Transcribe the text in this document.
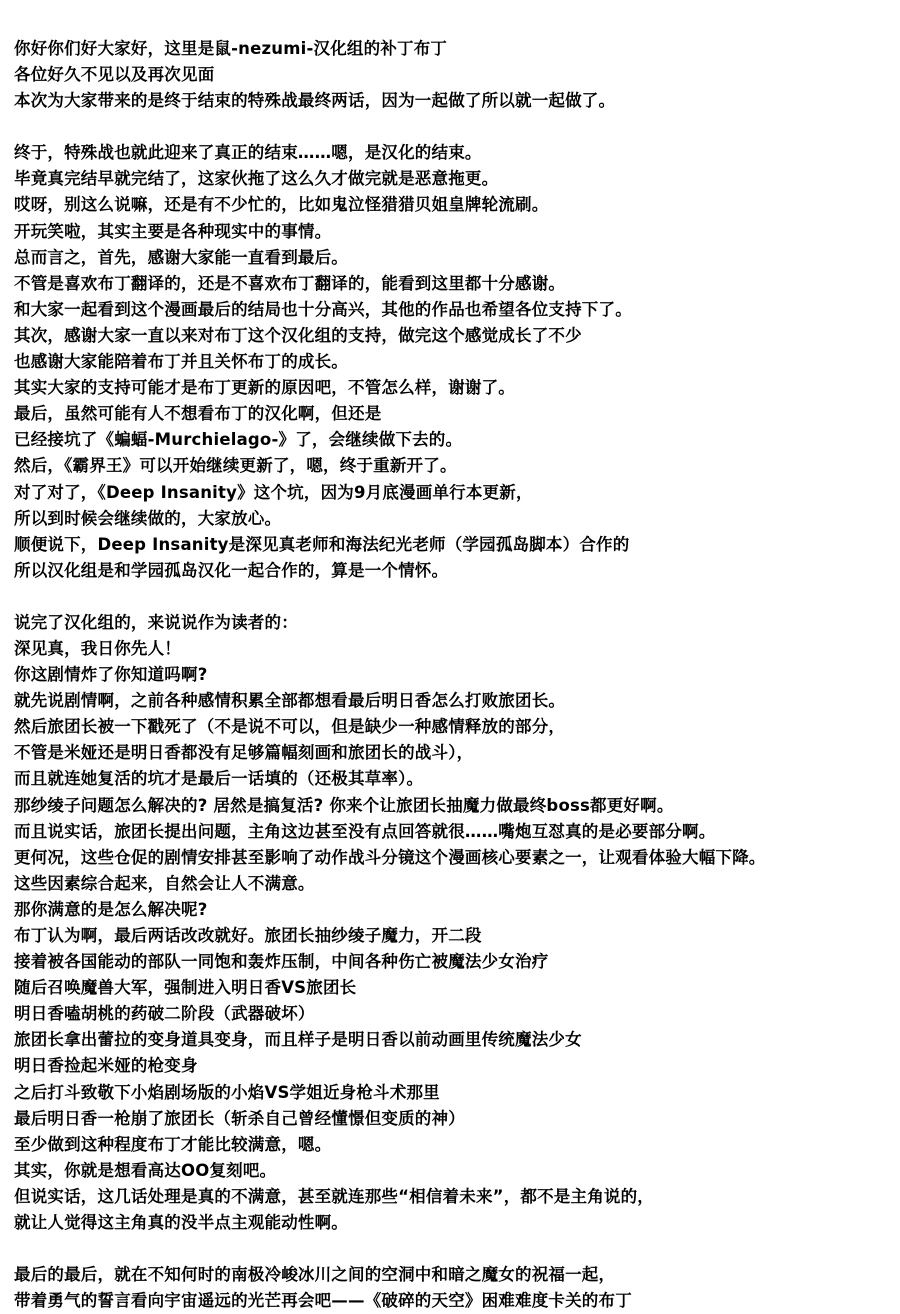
你好你们好大家好，这里是鼠-nezumi-汉化组的补丁布丁
各位好久不见以及再次见面
本次为大家带来的是终于结束的特殊战最终两话，因为一起做了所以就一起做了。
终于，特殊战也就此迎来了真正的结束……嗯，是汉化的结束。
毕竟真完结早就完结了，这家伙拖了这么久才做完就是恶意拖更。
哎呀，别这么说嘛，还是有不少忙的，比如鬼泣怪猎猎贝姐皇牌轮流刷。
开玩笑啦，其实主要是各种现实中的事情。
总而言之，首先，感谢大家能一直看到最后。
不管是喜欢布丁翻译的，还是不喜欢布丁翻译的，能看到这里都十分感谢。
和大家一起看到这个漫画最后的结局也十分高兴，其他的作品也希望各位支持下了。
其次，感谢大家一直以来对布丁这个汉化组的支持，做完这个感觉成长了不少
也感谢大家能陪着布丁并且关怀布丁的成长。
其实大家的支持可能才是布丁更新的原因吧，不管怎么样，谢谢了。
最后，虽然可能有人不想看布丁的汉化啊，但还是
已经接坑了《蝙蝠-Murchielago-》了，会继续做下去的。
然后，《霸界王》可以开始继续更新了，嗯，终于重新开了。
对了对了，《Deep Insanity》这个坑，因为9月底漫画单行本更新，
所以到时候会继续做的，大家放心。
顺便说下，Deep Insanity是深见真老师和海法纪光老师（学园孤岛脚本）合作的
所以汉化组是和学园孤岛汉化一起合作的，算是一个情怀。
说完了汉化组的，来说说作为读者的：
深见真，我日你先人！
你这剧情炸了你知道吗啊?
就先说剧情啊，之前各种感情积累全部都想看最后明日香怎么打败旅团长。
然后旅团长被一下戳死了（不是说不可以，但是缺少一种感情释放的部分，
不管是米娅还是明日香都没有足够篇幅刻画和旅团长的战斗），
而且就连她复活的坑才是最后一话填的（还极其草率）。
那纱绫子问题怎么解决的? 居然是搞复活? 你来个让旅团长抽魔力做最终boss都更好啊。
而且说实话，旅团长提出问题，主角这边甚至没有点回答就很……嘴炮互怼真的是必要部分啊。
更何况，这些仓促的剧情安排甚至影响了动作战斗分镜这个漫画核心要素之一，让观看体验大幅下降。
这些因素综合起来，自然会让人不满意。
那你满意的是怎么解决呢?
布丁认为啊，最后两话改改就好。旅团长抽纱绫子魔力，开二段
接着被各国能动的部队一同饱和轰炸压制，中间各种伤亡被魔法少女治疗
随后召唤魔兽大军，强制进入明日香VS旅团长
明日香嗑胡桃的药破二阶段（武器破坏）
旅团长拿出蕾拉的变身道具变身，而且样子是明日香以前动画里传统魔法少女
明日香捡起米娅的枪变身
之后打斗致敬下小焰剧场版的小焰VS学姐近身枪斗术那里
最后明日香一枪崩了旅团长（斩杀自己曾经懂憬但变质的神）
至少做到这种程度布丁才能比较满意，嗯。
其实，你就是想看高达OO复刻吧。
但说实话，这几话处理是真的不满意，甚至就连那些“相信着未来”，都不是主角说的，
就让人觉得这主角真的没半点主观能动性啊。
最后的最后，就在不知何时的南极冷峻冰川之间的空洞中和暗之魔女的祝福一起，
带着勇气的誓言看向宇宙遥远的光芒再会吧——《破碎的天空》困难难度卡关的布丁
